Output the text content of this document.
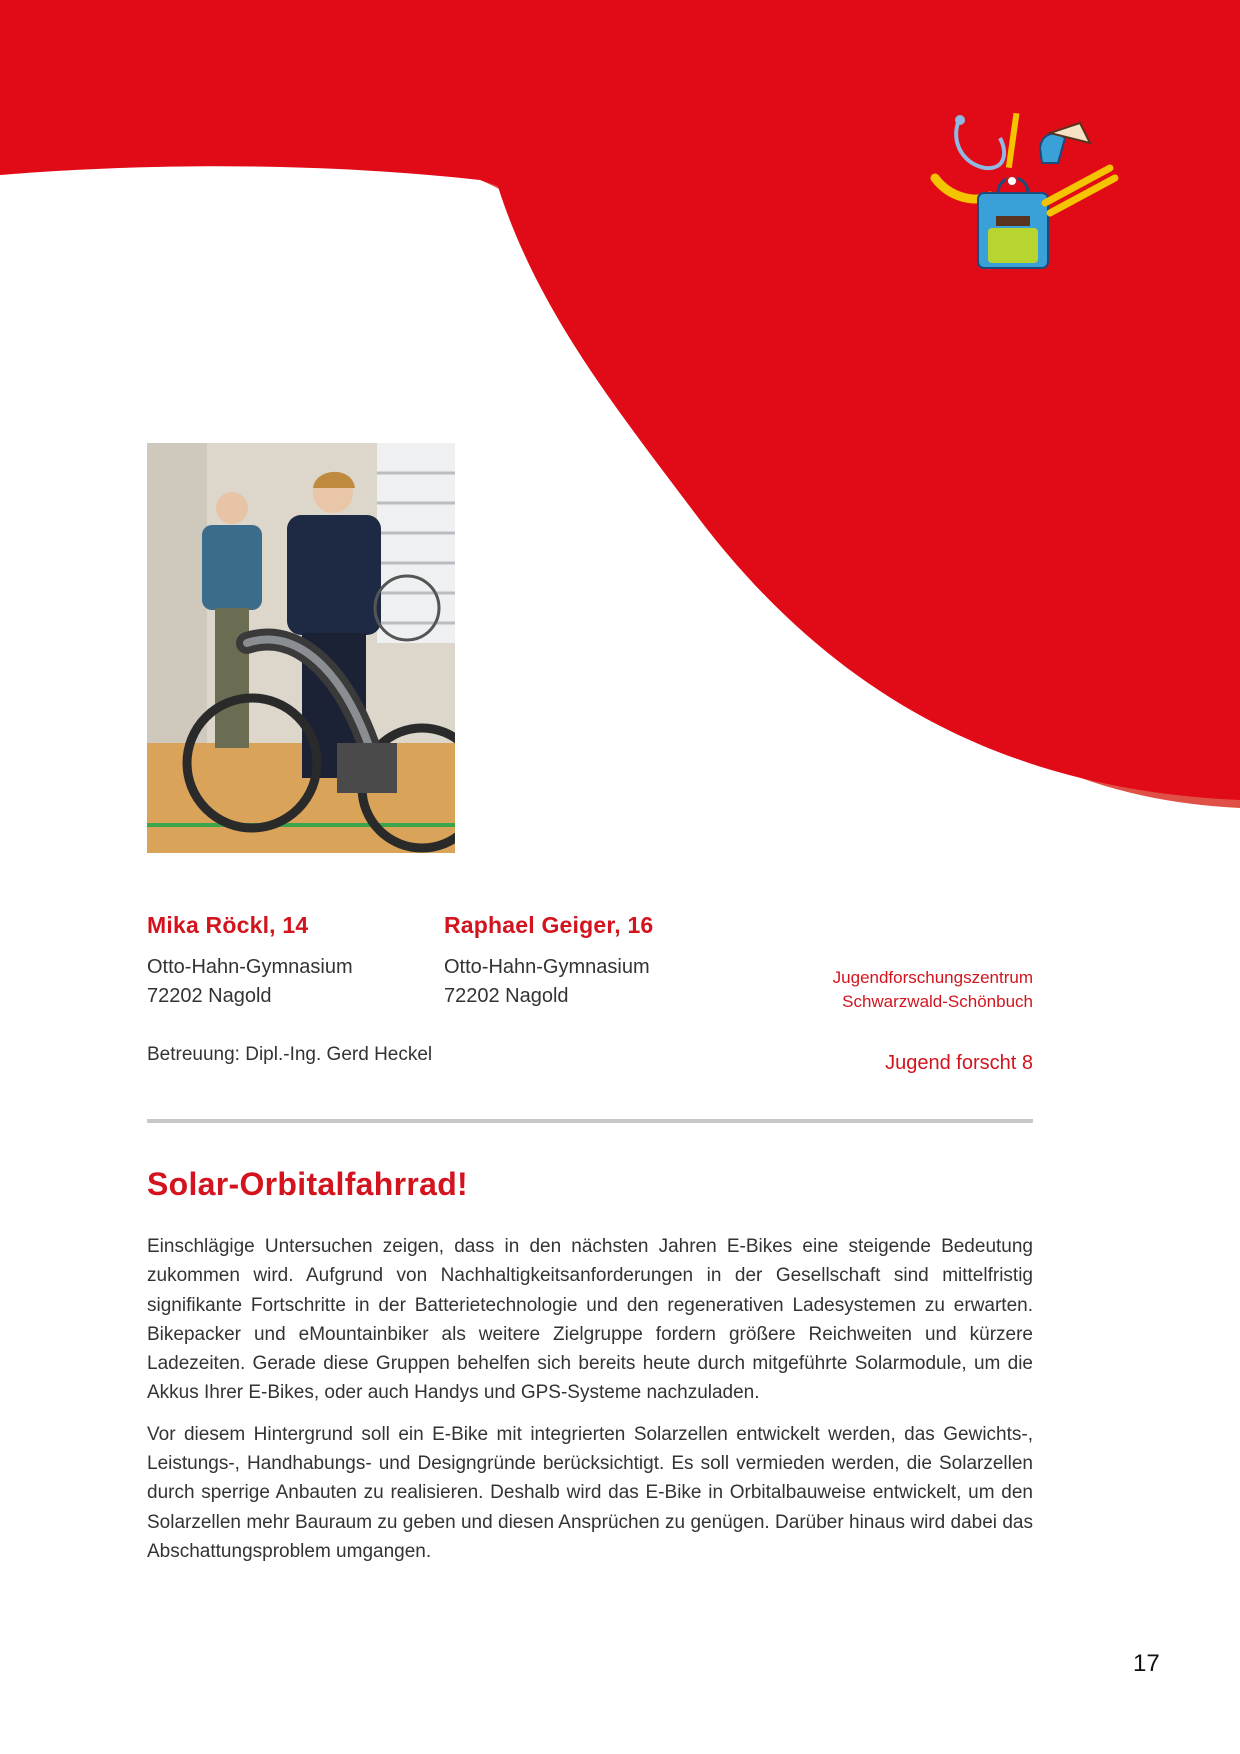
Mika Röckl, 14
Otto-Hahn-Gymnasium
72202 Nagold
Raphael Geiger, 16
Otto-Hahn-Gymnasium
72202 Nagold
Jugendforschungszentrum
Schwarzwald-Schönbuch
Betreuung: Dipl.-Ing. Gerd Heckel	Jugend forscht 8
Solar-Orbitalfahrrad!

Einschlägige Untersuchen zeigen, dass in den nächsten Jahren E-Bikes eine steigende Bedeutung zukommen wird. Aufgrund von Nachhaltigkeitsanforderungen in der Gesellschaft sind mittelfristig signifikante Fortschritte in der Batterietechnologie und den regenerativen Ladesystemen zu erwarten. Bikepacker und eMountainbiker als weitere Zielgruppe fordern größere Reichweiten und kürzere Ladezeiten. Gerade diese Gruppen behelfen sich bereits heute durch mitgeführte Solarmodule, um die Akkus Ihrer E-Bikes, oder auch Handys und GPS-Systeme nachzuladen.

Vor diesem Hintergrund soll ein E-Bike mit integrierten Solarzellen entwickelt werden, das Gewichts-, Leistungs-, Handhabungs- und Designgründe berücksichtigt. Es soll vermieden werden, die Solarzellen durch sperrige Anbauten zu realisieren. Deshalb wird das E-Bike in Orbitalbauweise entwickelt, um den Solarzellen mehr Bauraum zu geben und diesen Ansprüchen zu genügen. Darüber hinaus wird dabei das Abschattungsproblem umgangen.

17
